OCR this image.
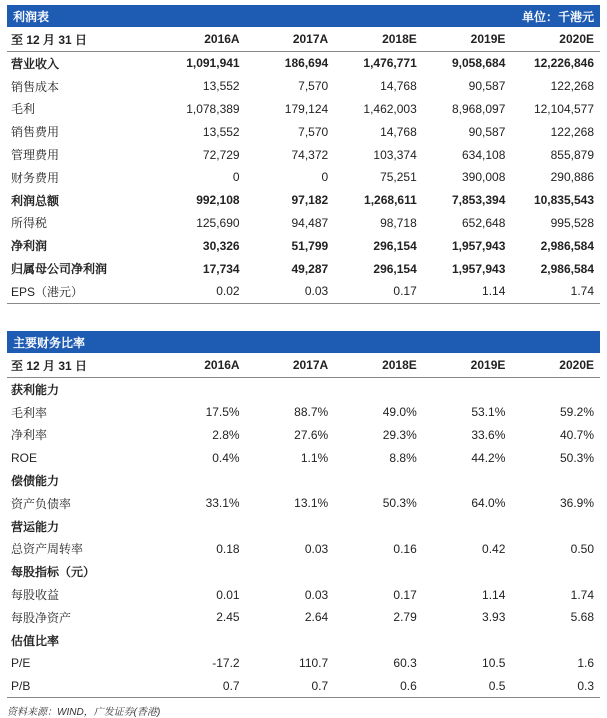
利润表	单位：千港元
至 12 月 31 日	2016A	2017A	2018E	2019E	2020E
营业收入	1,091,941	186,694	1,476,771	9,058,684	12,226,846
销售成本	13,552	7,570	14,768	90,587	122,268
毛利	1,078,389	179,124	1,462,003	8,968,097	12,104,577
销售费用	13,552	7,570	14,768	90,587	122,268
管理费用	72,729	74,372	103,374	634,108	855,879
财务费用	0	0	75,251	390,008	290,886
利润总额	992,108	97,182	1,268,611	7,853,394	10,835,543
所得税	125,690	94,487	98,718	652,648	995,528
净利润	30,326	51,799	296,154	1,957,943	2,986,584
归属母公司净利润	17,734	49,287	296,154	1,957,943	2,986,584
EPS（港元）	0.02	0.03	0.17	1.14	1.74
主要财务比率
至 12 月 31 日	2016A	2017A	2018E	2019E	2020E
获利能力					
毛利率	17.5%	88.7%	49.0%	53.1%	59.2%
净利率	2.8%	27.6%	29.3%	33.6%	40.7%
ROE	0.4%	1.1%	8.8%	44.2%	50.3%
偿债能力					
资产负债率	33.1%	13.1%	50.3%	64.0%	36.9%
营运能力					
总资产周转率	0.18	0.03	0.16	0.42	0.50
每股指标（元）					
每股收益	0.01	0.03	0.17	1.14	1.74
每股净资产	2.45	2.64	2.79	3.93	5.68
估值比率					
P/E	-17.2	110.7	60.3	10.5	1.6
P/B	0.7	0.7	0.6	0.5	0.3
资料来源：WIND，广发证券(香港)
